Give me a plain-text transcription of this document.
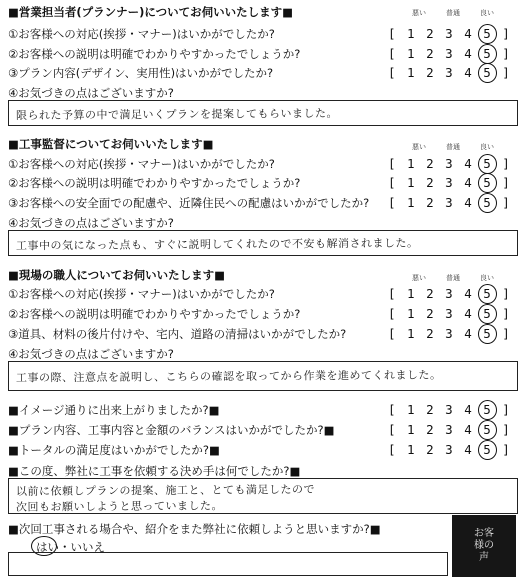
■営業担当者(プランナー)についてお伺いいたします■	悪い	普通	良い
①お客様への対応(挨拶・マナー)はいかがでしたか?	[ 1 2 3 4 5 ]
②お客様への説明は明確でわかりやすかったでしょうか?	[ 1 2 3 4 5 ]
③プラン内容(デザイン、実用性)はいかがでしたか?	[ 1 2 3 4 5 ]
④お気づきの点はございますか?
限られた予算の中で満足いくプランを提案してもらいました。
■工事監督についてお伺いいたします■	悪い	普通	良い
①お客様への対応(挨拶・マナー)はいかがでしたか?	[ 1 2 3 4 5 ]
②お客様への説明は明確でわかりやすかったでしょうか?	[ 1 2 3 4 5 ]
③お客様への安全面での配慮や、近隣住民への配慮はいかがでしたか? [ 1 2 3 4 5 ]
④お気づきの点はございますか?
工事中の気になった点も、すぐに説明してくれたので不安も解消されました。
■現場の職人についてお伺いいたします■	悪い	普通	良い
①お客様への対応(挨拶・マナー)はいかがでしたか?	[ 1 2 3 4 5 ]
②お客様への説明は明確でわかりやすかったでしょうか?	[ 1 2 3 4 5 ]
③道具、材料の後片付けや、宅内、道路の清掃はいかがでしたか?	[ 1 2 3 4 5 ]
④お気づきの点はございますか?
工事の際、注意点を説明し、こちらの確認を取ってから作業を進めてくれました。
■イメージ通りに出来上がりましたか?■	[ 1 2 3 4 5 ]
■プラン内容、工事内容と金額のバランスはいかがでしたか?■	[ 1 2 3 4 5 ]
■トータルの満足度はいかがでしたか?■	[ 1 2 3 4 5 ]
■この度、弊社に工事を依頼する決め手は何でしたか?■
以前に依頼しプランの提案、施工と、とても満足したので
次回もお願いしようと思っていました。
■次回工事される場合や、紹介をまた弊社に依頼しようと思いますか?■
はい・いいえ
お客
様の
声
